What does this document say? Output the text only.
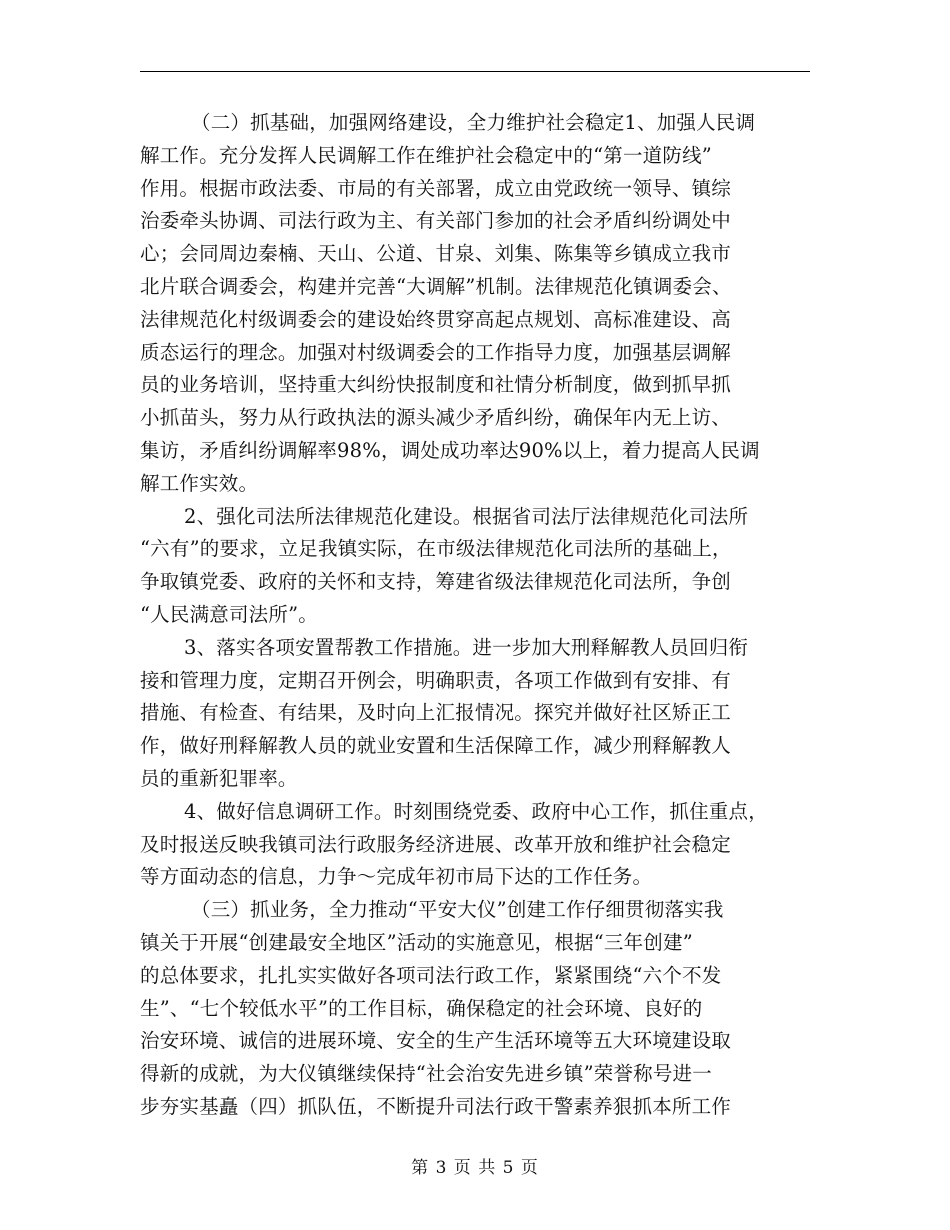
（二）抓基础，加强网络建设，全力维护社会稳定1、加强人民调
解工作。充分发挥人民调解工作在维护社会稳定中的“第一道防线”
作用。根据市政法委、市局的有关部署，成立由党政统一领导、镇综
治委牵头协调、司法行政为主、有关部门参加的社会矛盾纠纷调处中
心；会同周边秦楠、天山、公道、甘泉、刘集、陈集等乡镇成立我市
北片联合调委会，构建并完善“大调解”机制。法律规范化镇调委会、
法律规范化村级调委会的建设始终贯穿高起点规划、高标准建设、高
质态运行的理念。加强对村级调委会的工作指导力度，加强基层调解
员的业务培训，坚持重大纠纷快报制度和社情分析制度，做到抓早抓
小抓苗头，努力从行政执法的源头减少矛盾纠纷，确保年内无上访、
集访，矛盾纠纷调解率98%，调处成功率达90%以上，着力提高人民调
解工作实效。
2、强化司法所法律规范化建设。根据省司法厅法律规范化司法所
“六有”的要求，立足我镇实际，在市级法律规范化司法所的基础上，
争取镇党委、政府的关怀和支持，筹建省级法律规范化司法所，争创
“人民满意司法所”。
3、落实各项安置帮教工作措施。进一步加大刑释解教人员回归衔
接和管理力度，定期召开例会，明确职责，各项工作做到有安排、有
措施、有检查、有结果，及时向上汇报情况。探究并做好社区矫正工
作，做好刑释解教人员的就业安置和生活保障工作，减少刑释解教人
员的重新犯罪率。
4、做好信息调研工作。时刻围绕党委、政府中心工作，抓住重点，
及时报送反映我镇司法行政服务经济进展、改革开放和维护社会稳定
等方面动态的信息，力争～完成年初市局下达的工作任务。
（三）抓业务，全力推动“平安大仪”创建工作仔细贯彻落实我
镇关于开展“创建最安全地区”活动的实施意见，根据“三年创建”
的总体要求，扎扎实实做好各项司法行政工作，紧紧围绕“六个不发
生”、“七个较低水平”的工作目标，确保稳定的社会环境、良好的
治安环境、诚信的进展环境、安全的生产生活环境等五大环境建设取
得新的成就，为大仪镇继续保持“社会治安先进乡镇”荣誉称号进一
步夯实基矗（四）抓队伍，不断提升司法行政干警素养狠抓本所工作
第 3 页 共 5 页
